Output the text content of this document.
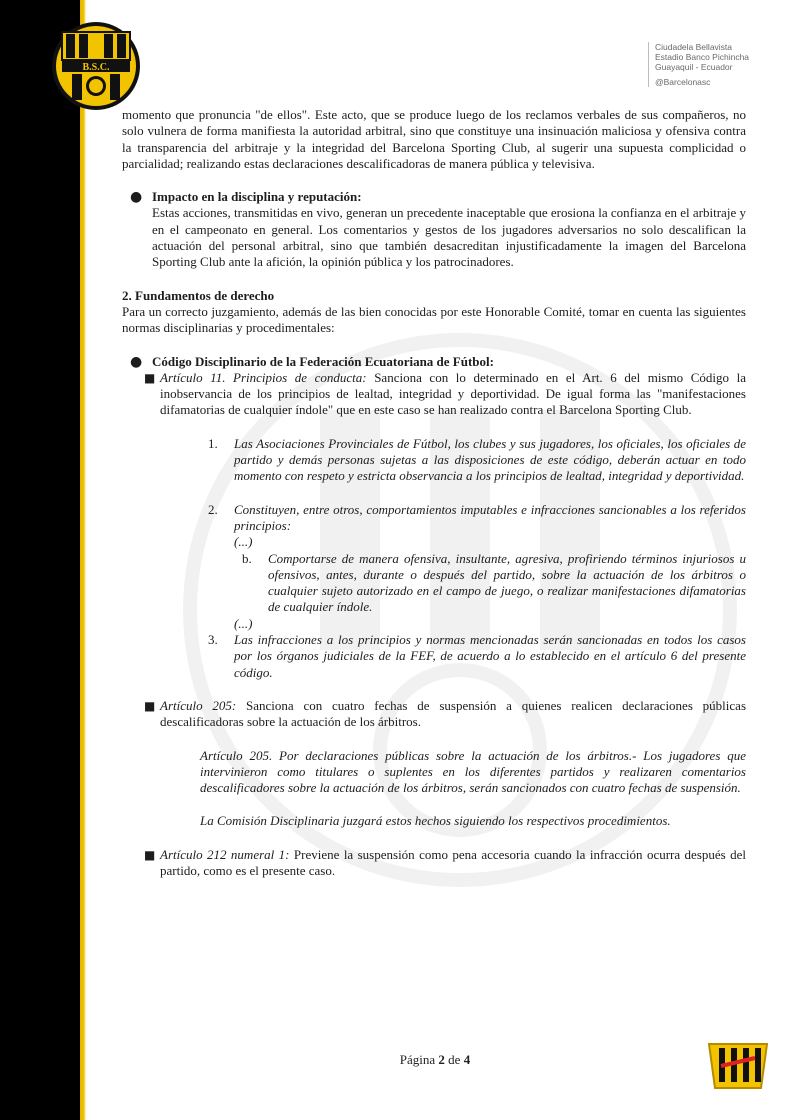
B.S.C.
Ciudadela Bellavista
Estadio Banco Pichincha
Guayaquil - Ecuador
@Barcelonasc

momento que pronuncia "de ellos". Este acto, que se produce luego de los reclamos verbales de sus compañeros, no solo vulnera de forma manifiesta la autoridad arbitral, sino que constituye una insinuación maliciosa y ofensiva contra la transparencia del arbitraje y la integridad del Barcelona Sporting Club, al sugerir una supuesta complicidad o parcialidad; realizando estas declaraciones descalificadoras de manera pública y televisiva.

● Impacto en la disciplina y reputación:

Estas acciones, transmitidas en vivo, generan un precedente inaceptable que erosiona la confianza en el arbitraje y en el campeonato en general. Los comentarios y gestos de los jugadores adversarios no solo descalifican la actuación del personal arbitral, sino que también desacreditan injustificadamente la imagen del Barcelona Sporting Club ante la afición, la opinión pública y los patrocinadores.

2. Fundamentos de derecho

Para un correcto juzgamiento, además de las bien conocidas por este Honorable Comité, tomar en cuenta las siguientes normas disciplinarias y procedimentales:

● Código Disciplinario de la Federación Ecuatoriana de Fútbol:

■ Artículo 11. Principios de conducta: Sanciona con lo determinado en el Art. 6 del mismo Código la inobservancia de los principios de lealtad, integridad y deportividad. De igual forma las "manifestaciones difamatorias de cualquier índole" que en este caso se han realizado contra el Barcelona Sporting Club.

1. Las Asociaciones Provinciales de Fútbol, los clubes y sus jugadores, los oficiales, los oficiales de partido y demás personas sujetas a las disposiciones de este código, deberán actuar en todo momento con respeto y estricta observancia a los principios de lealtad, integridad y deportividad.

2. Constituyen, entre otros, comportamientos imputables e infracciones sancionables a los referidos principios:

(...)

b. Comportarse de manera ofensiva, insultante, agresiva, profiriendo términos injuriosos u ofensivos, antes, durante o después del partido, sobre la actuación de los árbitros o cualquier sujeto autorizado en el campo de juego, o realizar manifestaciones difamatorias de cualquier índole.

(...)

3. Las infracciones a los principios y normas mencionadas serán sancionadas en todos los casos por los órganos judiciales de la FEF, de acuerdo a lo establecido en el artículo 6 del presente código.

■ Artículo 205: Sanciona con cuatro fechas de suspensión a quienes realicen declaraciones públicas descalificadoras sobre la actuación de los árbitros.

Artículo 205. Por declaraciones públicas sobre la actuación de los árbitros.- Los jugadores que intervinieron como titulares o suplentes en los diferentes partidos y realizaren comentarios descalificadores sobre la actuación de los árbitros, serán sancionados con cuatro fechas de suspensión.

La Comisión Disciplinaria juzgará estos hechos siguiendo los respectivos procedimientos.

■ Artículo 212 numeral 1: Previene la suspensión como pena accesoria cuando la infracción ocurra después del partido, como es el presente caso.

Página 2 de 4
